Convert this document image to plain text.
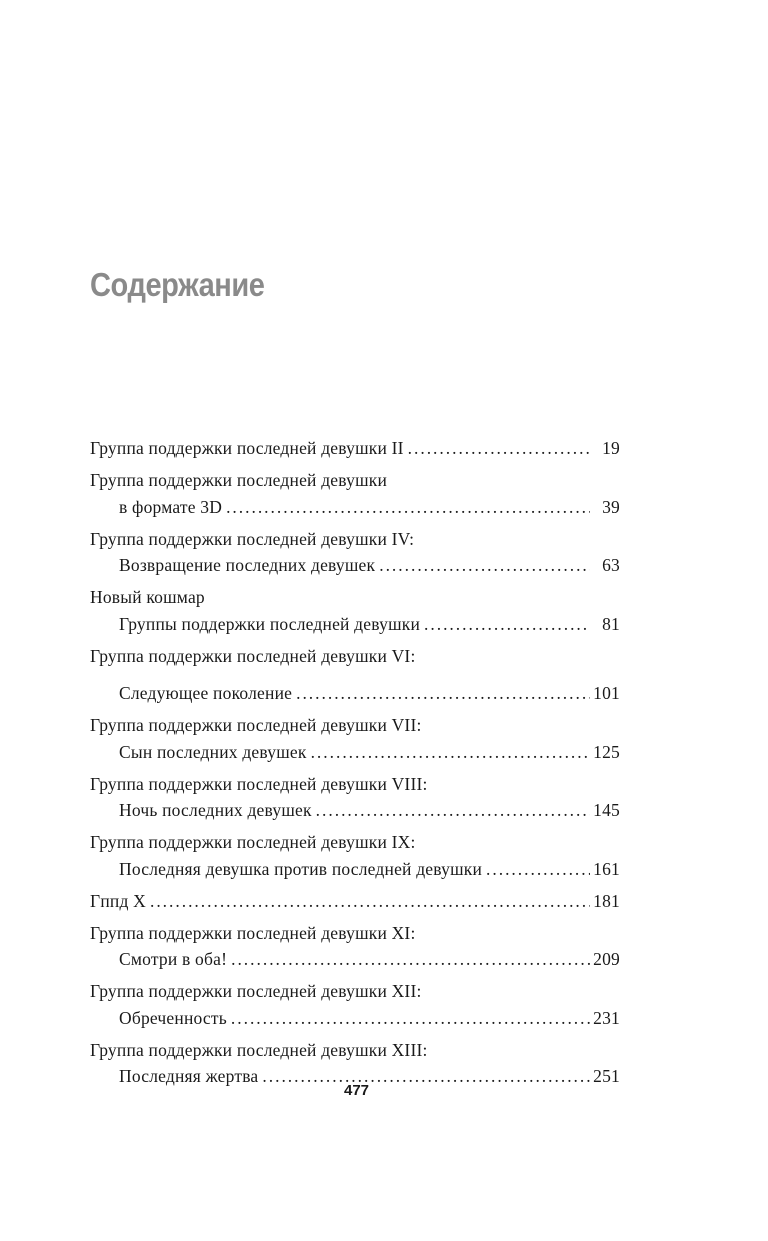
Содержание
Группа поддержки последней девушки II . . .	19
Группа поддержки последней девушки
в формате 3D . . .	39
Группа поддержки последней девушки IV:
Возвращение последних девушек . . .	63
Новый кошмар
Группы поддержки последней девушки . . .	81
Группа поддержки последней девушки VI:
Следующее поколение . . .	101
Группа поддержки последней девушки VII:
Сын последних девушек . . .	125
Группа поддержки последней девушки VIII:
Ночь последних девушек . . .	145
Группа поддержки последней девушки IX:
Последняя девушка против последней девушки . . .	161
Гппд X . . .	181
Группа поддержки последней девушки XI:
Смотри в оба! . . .	209
Группа поддержки последней девушки XII:
Обреченность . . .	231
Группа поддержки последней девушки XIII:
Последняя жертва . . .	251
477
